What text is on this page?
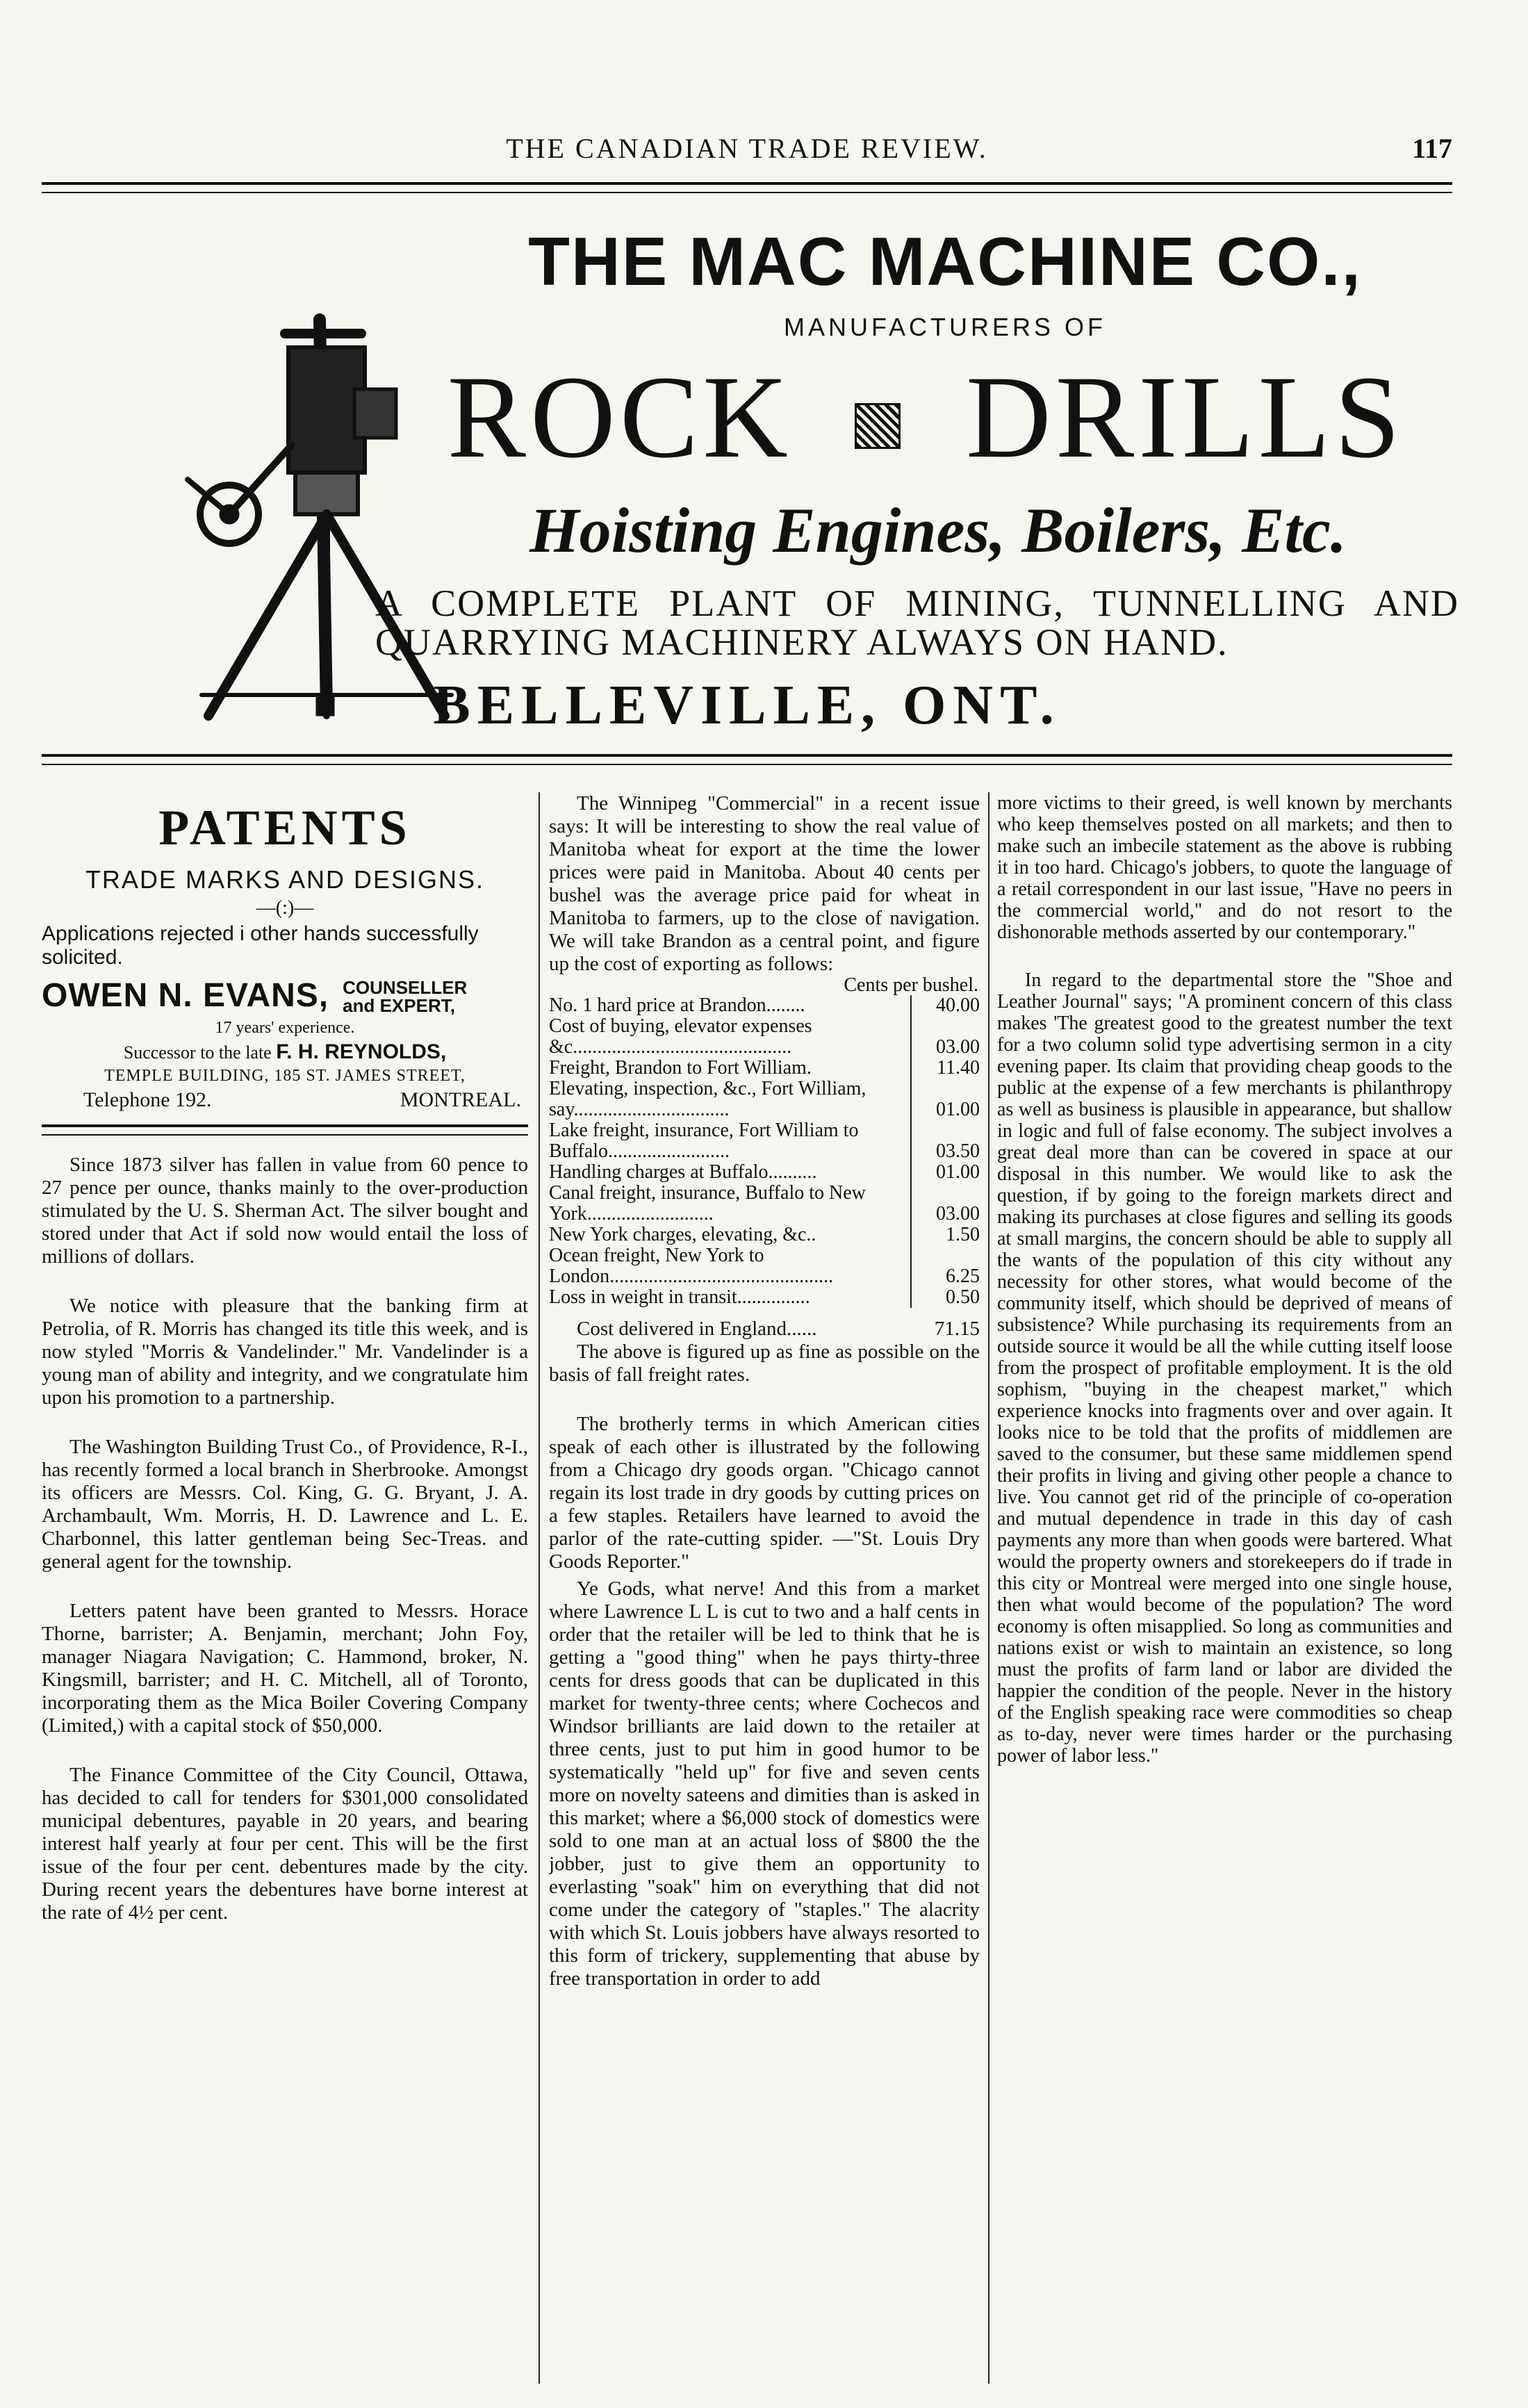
THE CANADIAN TRADE REVIEW.	117
THE MAC MACHINE CO.,
MANUFACTURERS OF
ROCK DRILLS
Hoisting Engines, Boilers, Etc.
A COMPLETE PLANT OF MINING, TUNNELLING AND QUARRYING MACHINERY ALWAYS ON HAND.
BELLEVILLE, ONT.
PATENTS
TRADE MARKS AND DESIGNS.
—(:)—
Applications rejected i other hands successfully solicited.
OWEN N. EVANS, COUNSELLER
and EXPERT,
17 years' experience.
Successor to the late F. H. REYNOLDS,
TEMPLE BUILDING, 185 ST. JAMES STREET,
Telephone 192.	MONTREAL.

Since 1873 silver has fallen in value from 60 pence to 27 pence per ounce, thanks mainly to the over-production stimulated by the U. S. Sherman Act. The silver bought and stored under that Act if sold now would entail the loss of millions of dollars.

We notice with pleasure that the banking firm at Petrolia, of R. Morris has changed its title this week, and is now styled "Morris & Vandelinder." Mr. Vandelinder is a young man of ability and integrity, and we congratulate him upon his promotion to a partnership.

The Washington Building Trust Co., of Providence, R-I., has recently formed a local branch in Sherbrooke. Amongst its officers are Messrs. Col. King, G. G. Bryant, J. A. Archambault, Wm. Morris, H. D. Lawrence and L. E. Charbonnel, this latter gentleman being Sec-Treas. and general agent for the township.

Letters patent have been granted to Messrs. Horace Thorne, barrister; A. Benjamin, merchant; John Foy, manager Niagara Navigation; C. Hammond, broker, N. Kingsmill, barrister; and H. C. Mitchell, all of Toronto, incorporating them as the Mica Boiler Covering Company (Limited,) with a capital stock of $50,000.

The Finance Committee of the City Council, Ottawa, has decided to call for tenders for $301,000 consolidated municipal debentures, payable in 20 years, and bearing interest half yearly at four per cent. This will be the first issue of the four per cent. debentures made by the city. During recent years the debentures have borne interest at the rate of 4½ per cent.

The Winnipeg "Commercial" in a recent issue says: It will be interesting to show the real value of Manitoba wheat for export at the time the lower prices were paid in Manitoba. About 40 cents per bushel was the average price paid for wheat in Manitoba to farmers, up to the close of navigation. We will take Brandon as a central point, and figure up the cost of exporting as follows:

Cents per bushel.
No. 1 hard price at Brandon........	40.00
Cost of buying, elevator expenses &c.............................................	03.00
Freight, Brandon to Fort William.	11.40
Elevating, inspection, &c., Fort William, say................................	01.00
Lake freight, insurance, Fort William to Buffalo.........................	03.50
Handling charges at Buffalo..........	01.00
Canal freight, insurance, Buffalo to New York..........................	03.00
New York charges, elevating, &c..	1.50
Ocean freight, New York to London..............................................	6.25
Loss in weight in transit...............	0.50
Cost delivered in England......	71.15

The above is figured up as fine as possible on the basis of fall freight rates.

The brotherly terms in which American cities speak of each other is illustrated by the following from a Chicago dry goods organ. "Chicago cannot regain its lost trade in dry goods by cutting prices on a few staples. Retailers have learned to avoid the parlor of the rate-cutting spider. —"St. Louis Dry Goods Reporter."

Ye Gods, what nerve! And this from a market where Lawrence L L is cut to two and a half cents in order that the retailer will be led to think that he is getting a "good thing" when he pays thirty-three cents for dress goods that can be duplicated in this market for twenty-three cents; where Cochecos and Windsor brilliants are laid down to the retailer at three cents, just to put him in good humor to be systematically "held up" for five and seven cents more on novelty sateens and dimities than is asked in this market; where a $6,000 stock of domestics were sold to one man at an actual loss of $800 the the jobber, just to give them an opportunity to everlasting "soak" him on everything that did not come under the category of "staples." The alacrity with which St. Louis jobbers have always resorted to this form of trickery, supplementing that abuse by free transportation in order to add

more victims to their greed, is well known by merchants who keep themselves posted on all markets; and then to make such an imbecile statement as the above is rubbing it in too hard. Chicago's jobbers, to quote the language of a retail correspondent in our last issue, "Have no peers in the commercial world," and do not resort to the dishonorable methods asserted by our contemporary."

In regard to the departmental store the "Shoe and Leather Journal" says; "A prominent concern of this class makes 'The greatest good to the greatest number the text for a two column solid type advertising sermon in a city evening paper. Its claim that providing cheap goods to the public at the expense of a few merchants is philanthropy as well as business is plausible in appearance, but shallow in logic and full of false economy. The subject involves a great deal more than can be covered in space at our disposal in this number. We would like to ask the question, if by going to the foreign markets direct and making its purchases at close figures and selling its goods at small margins, the concern should be able to supply all the wants of the population of this city without any necessity for other stores, what would become of the community itself, which should be deprived of means of subsistence? While purchasing its requirements from an outside source it would be all the while cutting itself loose from the prospect of profitable employment. It is the old sophism, "buying in the cheapest market," which experience knocks into fragments over and over again. It looks nice to be told that the profits of middlemen are saved to the consumer, but these same middlemen spend their profits in living and giving other people a chance to live. You cannot get rid of the principle of co-operation and mutual dependence in trade in this day of cash payments any more than when goods were bartered. What would the property owners and storekeepers do if trade in this city or Montreal were merged into one single house, then what would become of the population? The word economy is often misapplied. So long as communities and nations exist or wish to maintain an existence, so long must the profits of farm land or labor are divided the happier the condition of the people. Never in the history of the English speaking race were commodities so cheap as to-day, never were times harder or the purchasing power of labor less."
